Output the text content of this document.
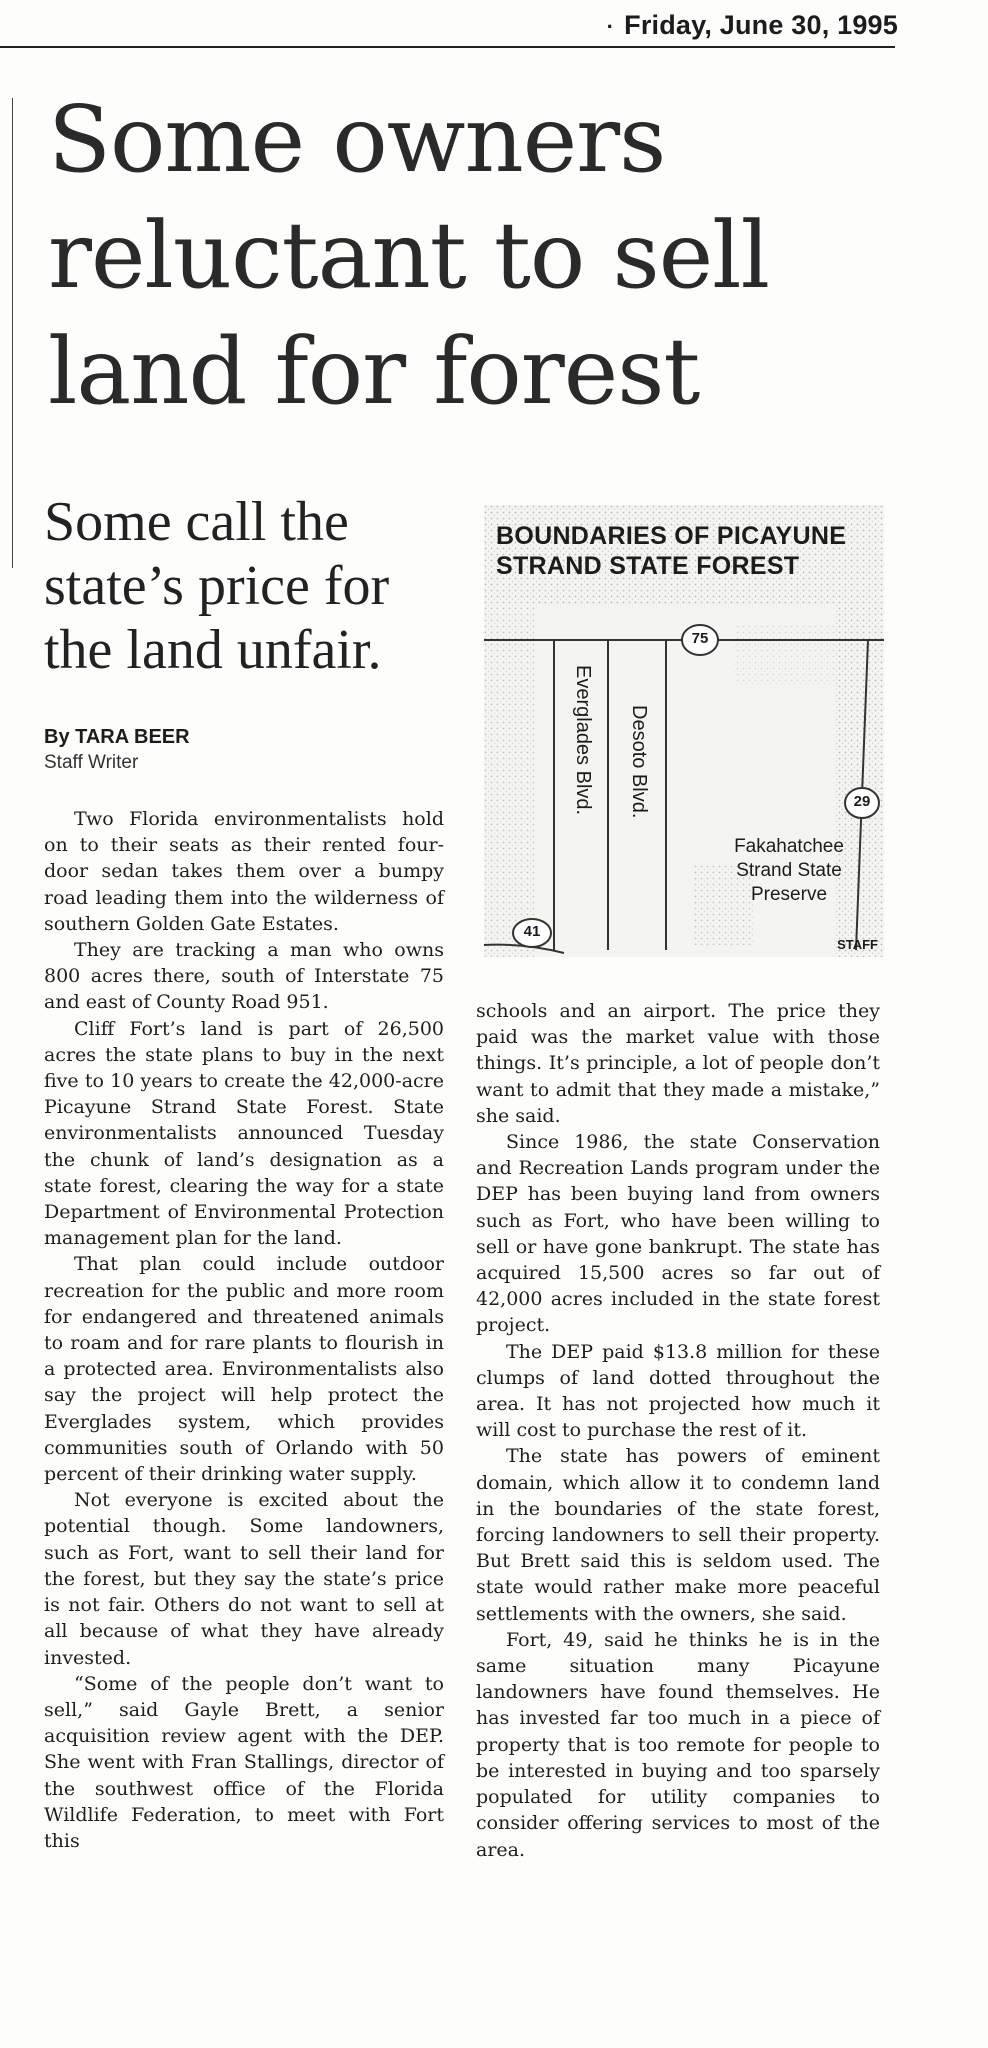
· Friday, June 30, 1995
Some owners reluctant to sell land for forest
Some call the state’s price for the land unfair.
By TARA BEER
Staff Writer
BOUNDARIES OF PICAYUNE
STRAND STATE FOREST
Everglades Blvd. Desoto Blvd.
75
29
41
Fakahatchee Strand State Preserve
STAFF

Two Florida environmentalists hold on to their seats as their rented four-door sedan takes them over a bumpy road leading them into the wilderness of southern Golden Gate Estates.

They are tracking a man who owns 800 acres there, south of Interstate 75 and east of County Road 951.

Cliff Fort’s land is part of 26,500 acres the state plans to buy in the next five to 10 years to create the 42,000-acre Picayune Strand State Forest. State environmentalists announced Tuesday the chunk of land’s designation as a state forest, clearing the way for a state Department of Environmental Protection management plan for the land.

That plan could include outdoor recreation for the public and more room for endangered and threatened animals to roam and for rare plants to flourish in a protected area. Environmentalists also say the project will help protect the Everglades system, which provides communities south of Orlando with 50 percent of their drinking water supply.

Not everyone is excited about the potential though. Some landowners, such as Fort, want to sell their land for the forest, but they say the state’s price is not fair. Others do not want to sell at all because of what they have already invested.

“Some of the people don’t want to sell,” said Gayle Brett, a senior acquisition review agent with the DEP. She went with Fran Stallings, director of the southwest office of the Florida Wildlife Federation, to meet with Fort this

schools and an airport. The price they paid was the market value with those things. It’s principle, a lot of people don’t want to admit that they made a mistake,” she said.

Since 1986, the state Conservation and Recreation Lands program under the DEP has been buying land from owners such as Fort, who have been willing to sell or have gone bankrupt. The state has acquired 15,500 acres so far out of 42,000 acres included in the state forest project.

The DEP paid $13.8 million for these clumps of land dotted throughout the area. It has not projected how much it will cost to purchase the rest of it.

The state has powers of eminent domain, which allow it to condemn land in the boundaries of the state forest, forcing landowners to sell their property. But Brett said this is seldom used. The state would rather make more peaceful settlements with the owners, she said.

Fort, 49, said he thinks he is in the same situation many Picayune landowners have found themselves. He has invested far too much in a piece of property that is too remote for people to be interested in buying and too sparsely populated for utility companies to consider offering services to most of the area.
